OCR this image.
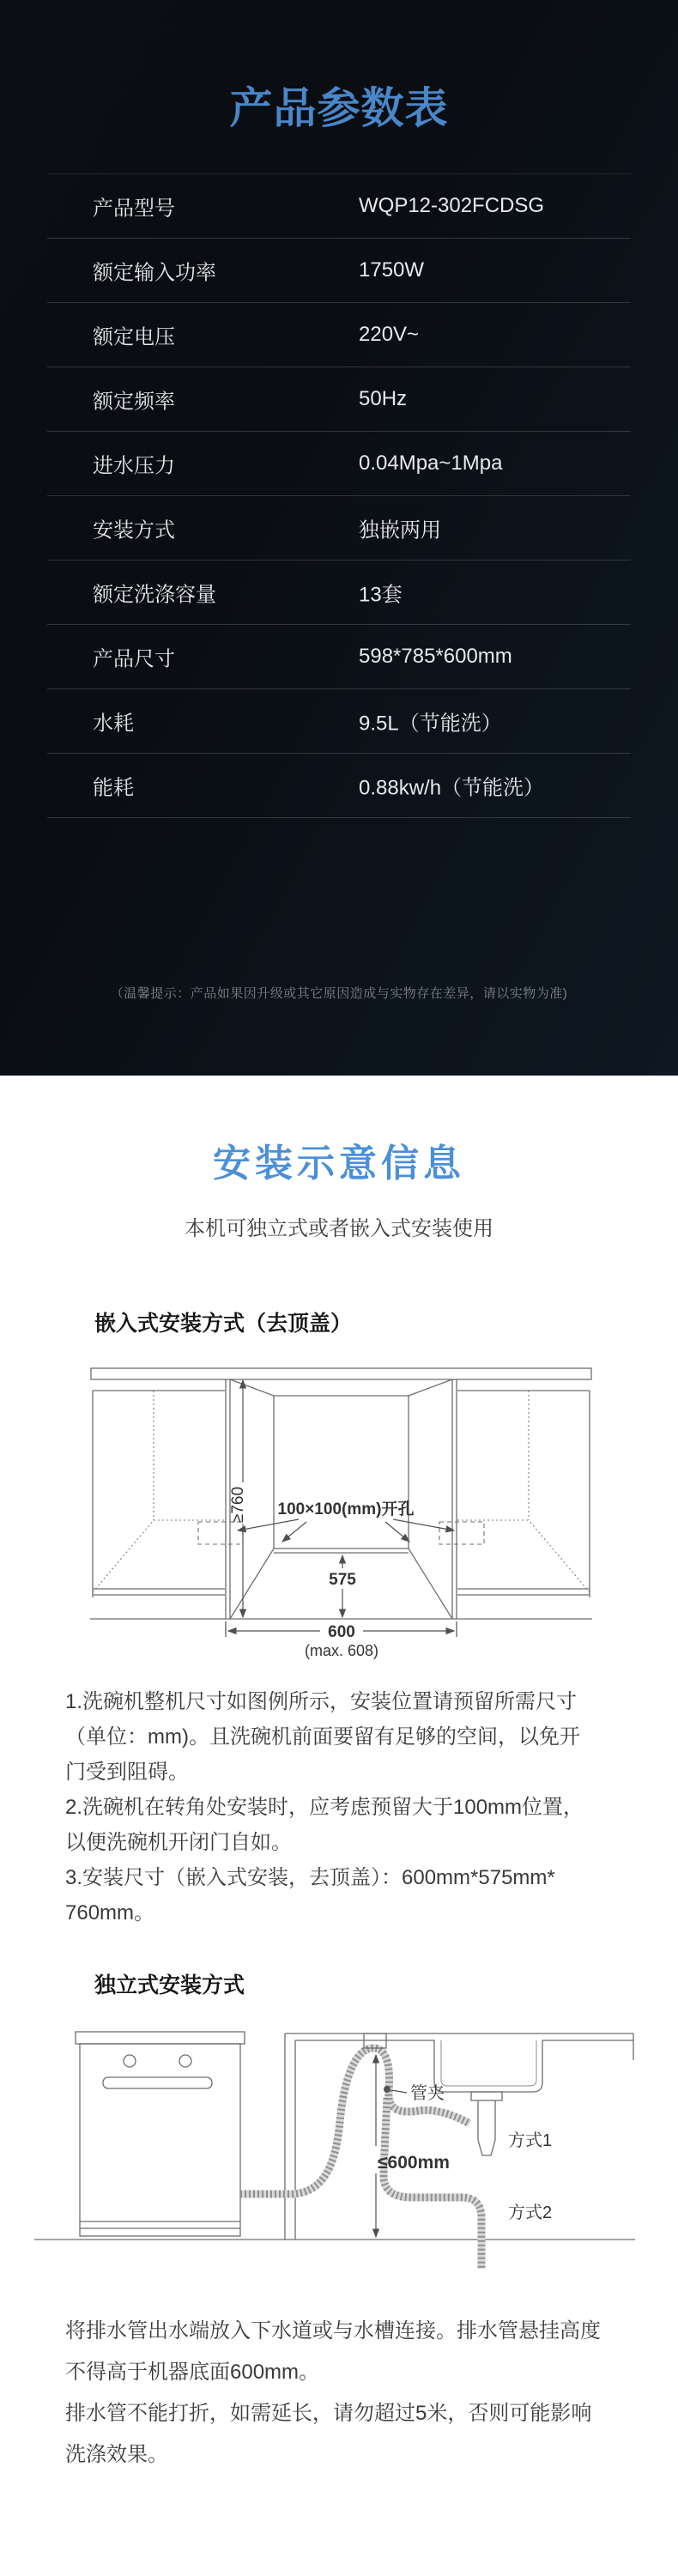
产品参数表
产品型号	WQP12-302FCDSG
额定输入功率	1750W
额定电压	220V~
额定频率	50Hz
进水压力	0.04Mpa~1Mpa
安装方式	独嵌两用
额定洗涤容量	13套
产品尺寸	598*785*600mm
水耗	9.5L（节能洗）
能耗	0.88kw/h（节能洗）
（温馨提示：产品如果因升级或其它原因造成与实物存在差异，请以实物为准)
安装示意信息
本机可独立式或者嵌入式安装使用
嵌入式安装方式（去顶盖）
≥760 100×100(mm)开孔
575
600
(max. 608)
1.洗碗机整机尺寸如图例所示，安装位置请预留所需尺寸
（单位：mm)。且洗碗机前面要留有足够的空间，以免开
门受到阻碍。
2.洗碗机在转角处安装时，应考虑预留大于100mm位置，
以便洗碗机开闭门自如。
3.安装尺寸（嵌入式安装，去顶盖）：600mm*575mm*
760mm。
独立式安装方式
管夹
≤600mm
方式1
方式2
将排水管出水端放入下水道或与水槽连接。排水管悬挂高度
不得高于机器底面600mm。
排水管不能打折，如需延长，请勿超过5米，否则可能影响
洗涤效果。
